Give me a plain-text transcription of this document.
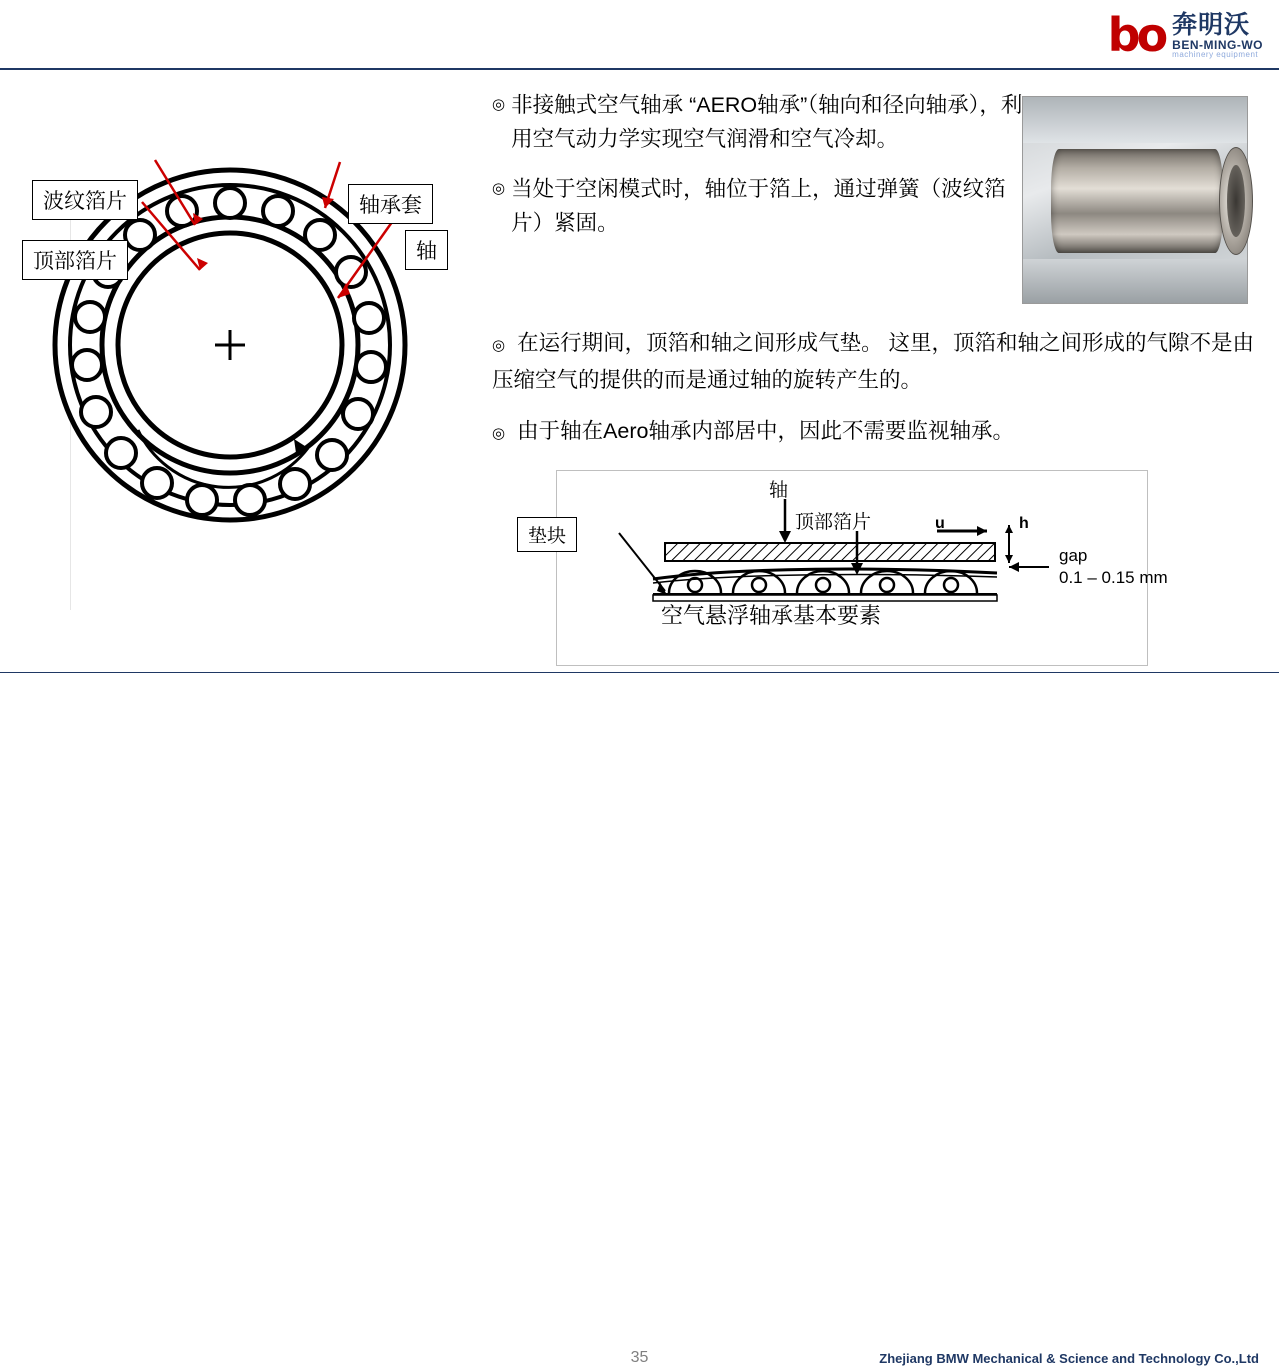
bo 奔明沃
BEN-MING-WO
machinery equipment
波纹箔片
顶部箔片
轴承套
轴
◎ 非接触式空气轴承 “AERO轴承”（轴向和径向轴承），利用空气动力学实现空气润滑和空气冷却。
◎ 当处于空闲模式时，轴位于箔上，通过弹簧（波纹箔片）紧固。
◎ 在运行期间，顶箔和轴之间形成气垫。 这里，顶箔和轴之间形成的气隙不是由压缩空气的提供的而是通过轴的旋转产生的。
◎ 由于轴在Aero轴承内部居中，因此不需要监视轴承。
轴
顶部箔片
垫块
h
u
gap
0.1 – 0.15 mm
空气悬浮轴承基本要素
35	Zhejiang BMW Mechanical & Science and Technology Co.,Ltd
